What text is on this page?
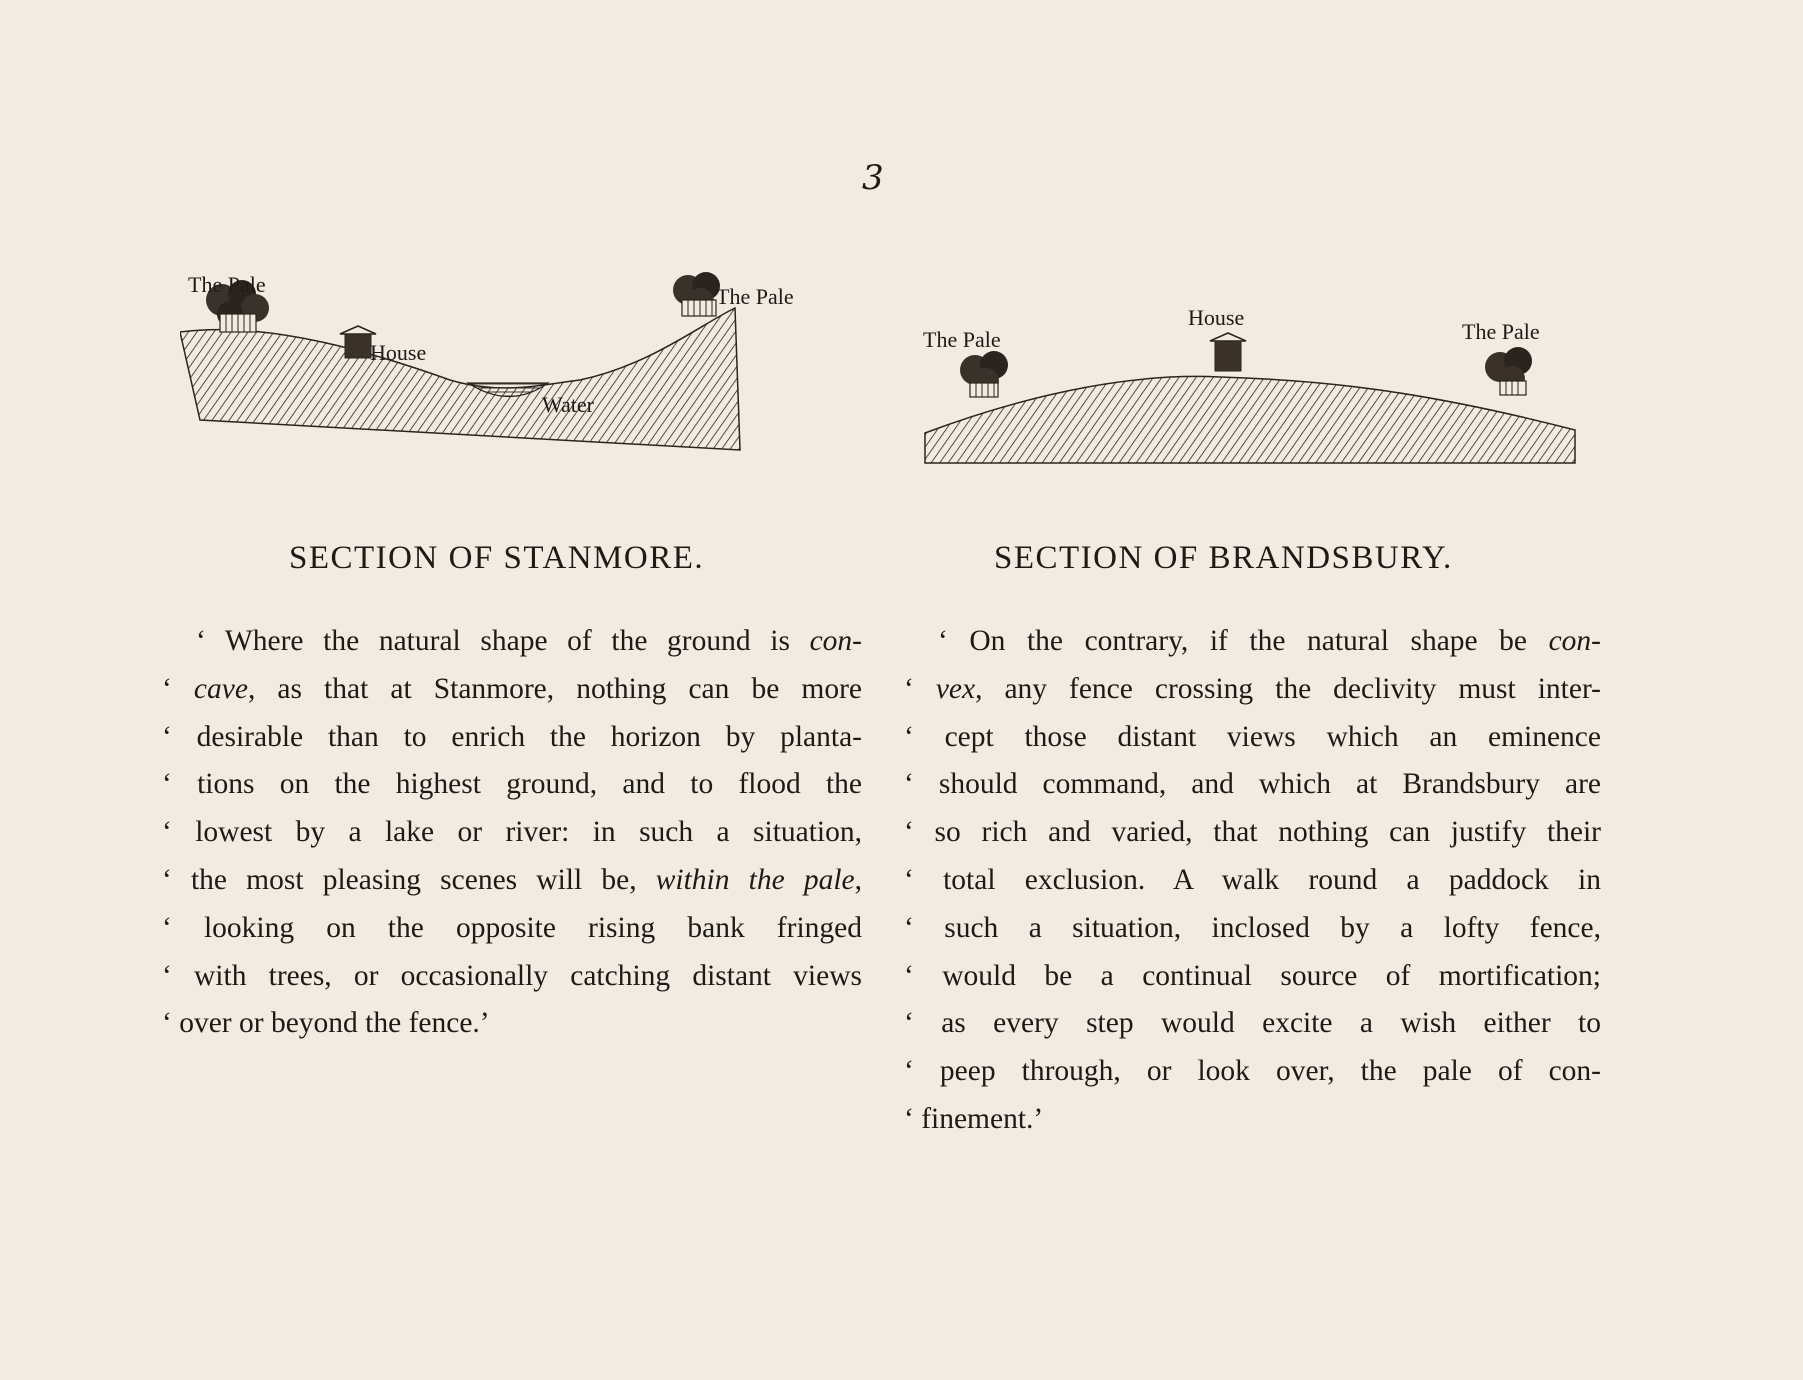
3
The Pale	The Pale
House
Water
The Pale
House
The Pale
SECTION OF STANMORE.	SECTION OF BRANDSBURY.
‘ Where the natural shape of the ground is con-
‘ cave, as that at Stanmore, nothing can be more
‘ desirable than to enrich the horizon by planta-
‘ tions on the highest ground, and to flood the
‘ lowest by a lake or river: in such a situation,
‘ the most pleasing scenes will be, within the pale,
‘ looking on the opposite rising bank fringed
‘ with trees, or occasionally catching distant views
‘ over or beyond the fence.’
‘ On the contrary, if the natural shape be con-
‘ vex, any fence crossing the declivity must inter-
‘ cept those distant views which an eminence
‘ should command, and which at Brandsbury are
‘ so rich and varied, that nothing can justify their
‘ total exclusion. A walk round a paddock in
‘ such a situation, inclosed by a lofty fence,
‘ would be a continual source of mortification;
‘ as every step would excite a wish either to
‘ peep through, or look over, the pale of con-
‘ finement.’
